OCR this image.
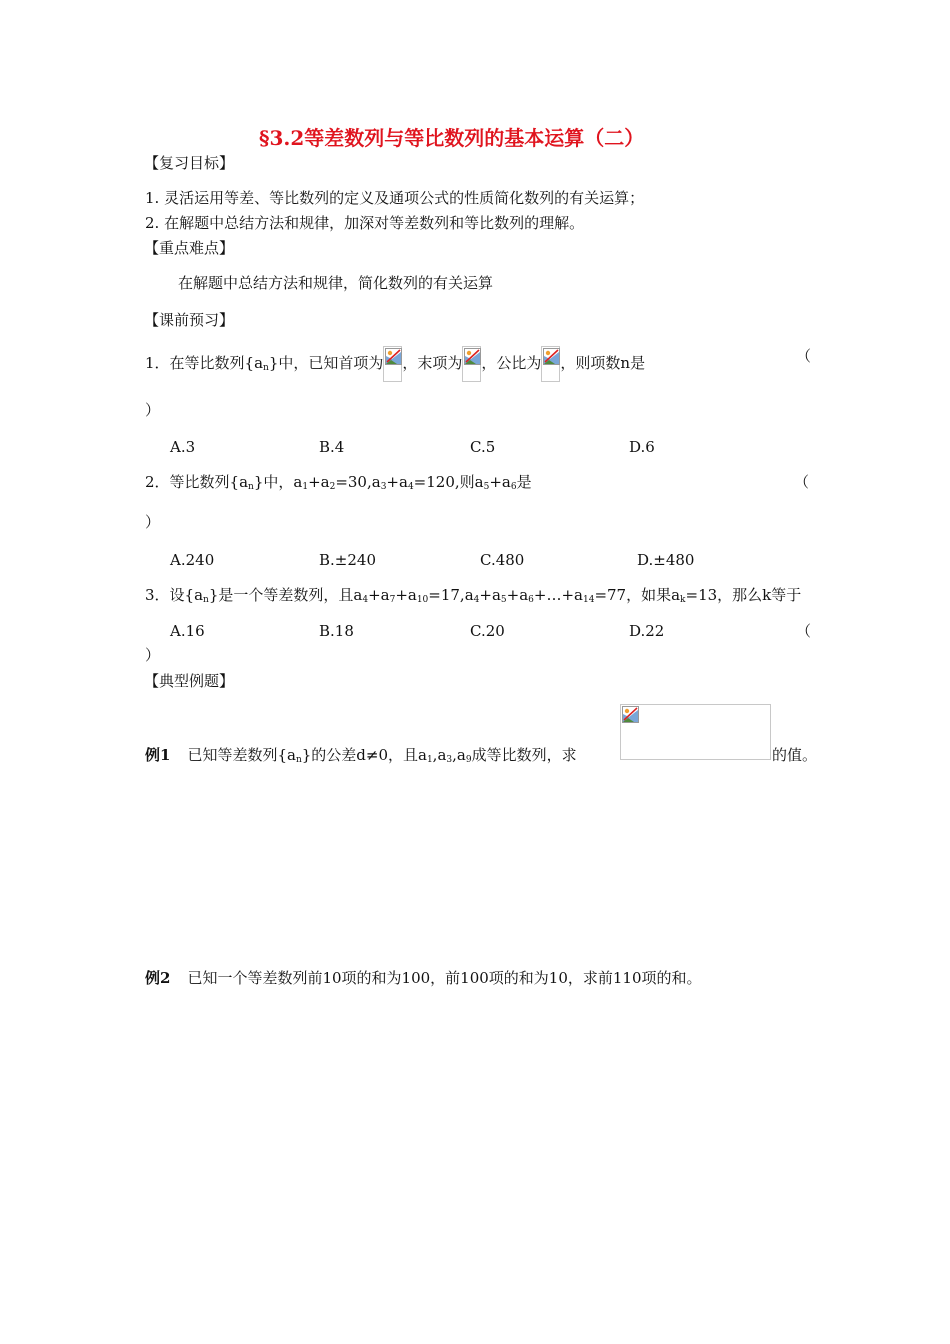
§3.2等差数列与等比数列的基本运算（二）
【复习目标】
1. 灵活运用等差、等比数列的定义及通项公式的性质简化数列的有关运算；
2. 在解题中总结方法和规律，加深对等差数列和等比数列的理解。
【重点难点】
在解题中总结方法和规律，简化数列的有关运算
【课前预习】
1．在等比数列$\{a_n\}$中，已知首项为 ，末项为 ，公比为 ，则项数n是	（
）
A.3	B.4	C.5	D.6
2．等比数列$\{a_n\}$中，$a_1+a_2=30,a_3+a_4=120$,则$a_5+a_6$是	（
）
A.240	B.±240	C.480	D.±480
3．设$\{a_n\}$是一个等差数列，且$a_4+a_7+a_{10}=17,a_4+a_5+a_6+\dots+a_{14}=77$，如果$a_k=13$，那么k等于
A.16	B.18	C.20	D.22	（
）
【典型例题】
例1 已知等差数列$\{a_n\}$的公差d≠0，且$a_1,a_3,a_9$成等比数列，求	的值。
例2 已知一个等差数列前10项的和为100，前100项的和为10，求前110项的和。
